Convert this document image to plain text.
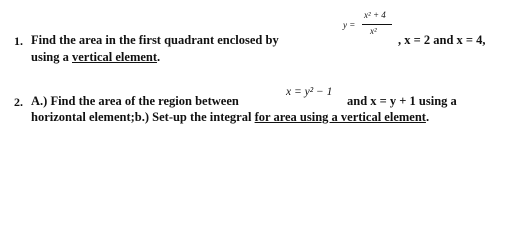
1. Find the area in the first quadrant enclosed by
y =
x² + 4
x²
, x = 2 and x = 4,
using a vertical element.
2. A.) Find the area of the region between
x = y² − 1
and x = y + 1 using a
horizontal element;b.) Set-up the integral for area using a vertical element.
